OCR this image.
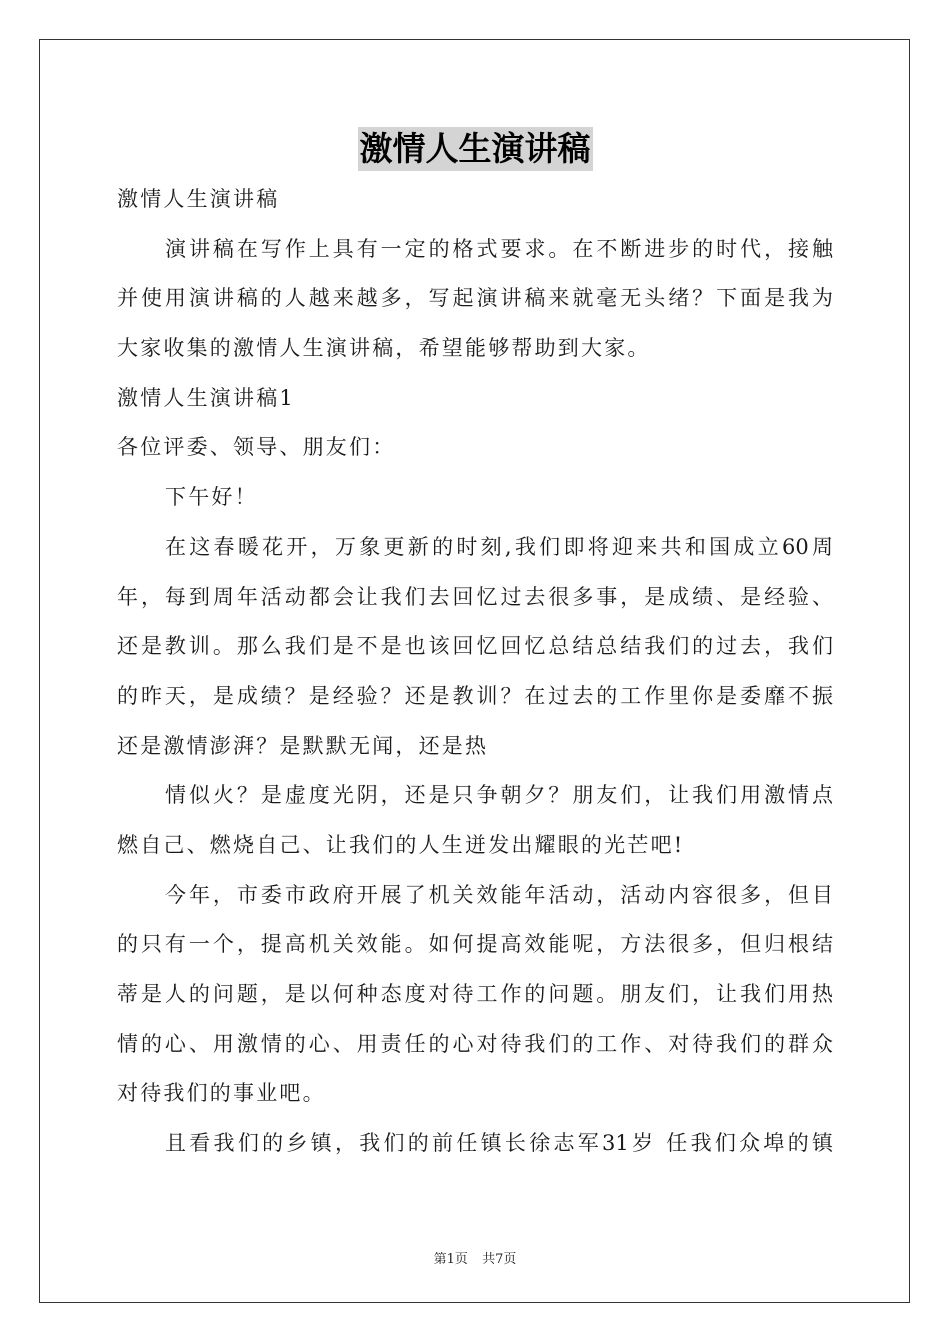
激情人生演讲稿
激情人生演讲稿
演讲稿在写作上具有一定的格式要求。在不断进步的时代，接触
并使用演讲稿的人越来越多，写起演讲稿来就毫无头绪？下面是我为
大家收集的激情人生演讲稿，希望能够帮助到大家。
激情人生演讲稿1
各位评委、领导、朋友们：
下午好！
在这春暖花开，万象更新的时刻,我们即将迎来共和国成立60周
年，每到周年活动都会让我们去回忆过去很多事，是成绩、是经验、
还是教训。那么我们是不是也该回忆回忆总结总结我们的过去，我们
的昨天，是成绩？是经验？还是教训？在过去的工作里你是委靡不振
还是激情澎湃？是默默无闻，还是热
情似火？是虚度光阴，还是只争朝夕？朋友们，让我们用激情点
燃自己、燃烧自己、让我们的人生迸发出耀眼的光芒吧!
今年，市委市政府开展了机关效能年活动，活动内容很多，但目
的只有一个，提高机关效能。如何提高效能呢，方法很多，但归根结
蒂是人的问题，是以何种态度对待工作的问题。朋友们，让我们用热
情的心、用激情的心、用责任的心对待我们的工作、对待我们的群众
对待我们的事业吧。
且看我们的乡镇，我们的前任镇长徐志军31岁 任我们众埠的镇
第1页 共7页
